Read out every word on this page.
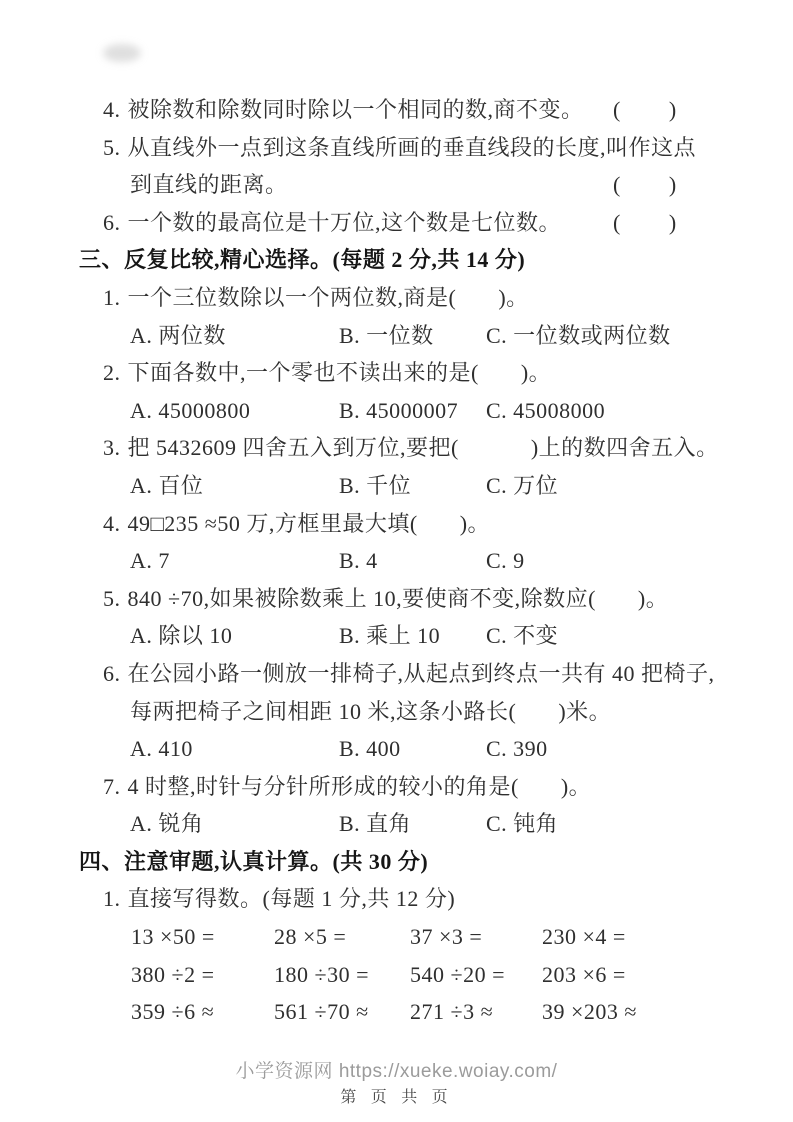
4. 被除数和除数同时除以一个相同的数,商不变。 (        )
5. 从直线外一点到这条直线所画的垂直线段的长度,叫作这点
到直线的距离。	(        )
6. 一个数的最高位是十万位,这个数是七位数。 (        )
三、反复比较,精心选择。(每题 2 分,共 14 分)
1. 一个三位数除以一个两位数,商是(       )。
A. 两位数	B. 一位数	C. 一位数或两位数
2. 下面各数中,一个零也不读出来的是(       )。
A. 45000800	B. 45000007	C. 45008000
3. 把 5432609 四舍五入到万位,要把(            )上的数四舍五入。
A. 百位	B. 千位	C. 万位
4. 49□235 ≈50 万,方框里最大填(       )。
A. 7	B. 4	C. 9
5. 840 ÷70,如果被除数乘上 10,要使商不变,除数应(       )。
A. 除以 10	B. 乘上 10	C. 不变
6. 在公园小路一侧放一排椅子,从起点到终点一共有 40 把椅子,
每两把椅子之间相距 10 米,这条小路长(       )米。
A. 410	B. 400	C. 390
7. 4 时整,时针与分针所形成的较小的角是(       )。
A. 锐角	B. 直角	C. 钝角
四、注意审题,认真计算。(共 30 分)
1. 直接写得数。(每题 1 分,共 12 分)
13 ×50 =	28 ×5 =	37 ×3 =	230 ×4 =
380 ÷2 =	180 ÷30 =	540 ÷20 =	203 ×6 =
359 ÷6 ≈	561 ÷70 ≈	271 ÷3 ≈	39 ×203 ≈
小学资源网 https://xueke.woiay.com/
第 页 共 页
